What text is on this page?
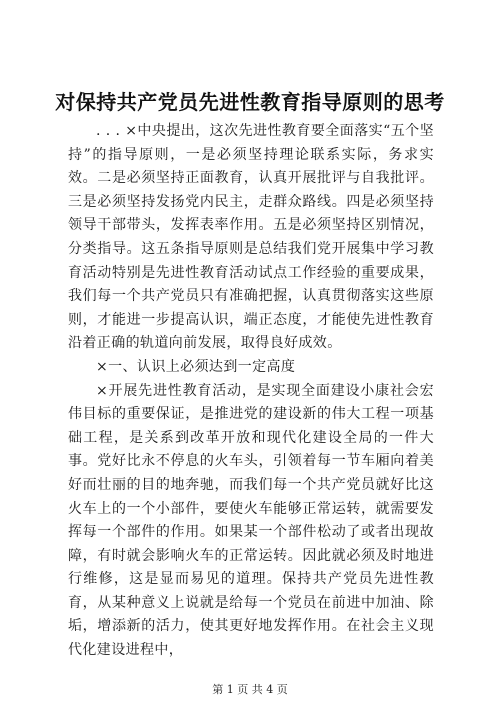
对保持共产党员先进性教育指导原则的思考

. . . ×中央提出，这次先进性教育要全面落实“五个坚持”的指导原则，一是必须坚持理论联系实际，务求实效。二是必须坚持正面教育，认真开展批评与自我批评。三是必须坚持发扬党内民主，走群众路线。四是必须坚持领导干部带头，发挥表率作用。五是必须坚持区别情况，分类指导。这五条指导原则是总结我们党开展集中学习教育活动特别是先进性教育活动试点工作经验的重要成果，我们每一个共产党员只有准确把握，认真贯彻落实这些原则，才能进一步提高认识，端正态度，才能使先进性教育沿着正确的轨道向前发展，取得良好成效。

×一、认识上必须达到一定高度

×开展先进性教育活动，是实现全面建设小康社会宏伟目标的重要保证，是推进党的建设新的伟大工程一项基础工程，是关系到改革开放和现代化建设全局的一件大事。党好比永不停息的火车头，引领着每一节车厢向着美好而壮丽的目的地奔驰，而我们每一个共产党员就好比这火车上的一个小部件，要使火车能够正常运转，就需要发挥每一个部件的作用。如果某一个部件松动了或者出现故障，有时就会影响火车的正常运转。因此就必须及时地进行维修，这是显而易见的道理。保持共产党员先进性教育，从某种意义上说就是给每一个党员在前进中加油、除垢，增添新的活力，使其更好地发挥作用。在社会主义现代化建设进程中，

第 1 页 共 4 页
